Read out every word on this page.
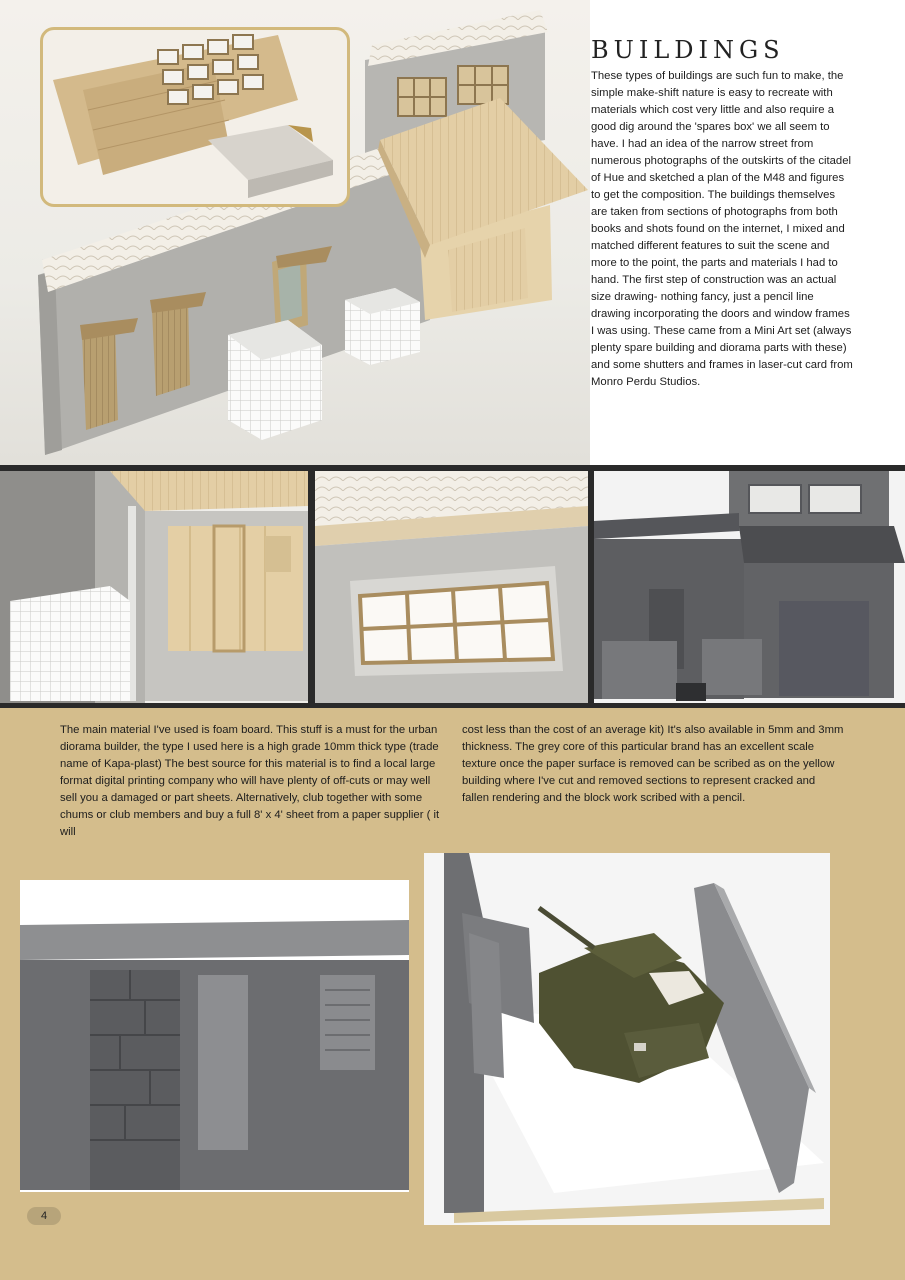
BUILDINGS

These types of buildings are such fun to make, the simple make-shift nature is easy to recreate with materials which cost very little and also require a good dig around the 'spares box' we all seem to have. I had an idea of the narrow street from numerous photographs of the outskirts of the citadel of Hue and sketched a plan of the M48 and figures to get the composition. The buildings themselves are taken from sections of photographs from both books and shots found on the internet, I mixed and matched different features to suit the scene and more to the point, the parts and materials I had to hand. The first step of construction was an actual size drawing- nothing fancy, just a pencil line drawing incorporating the doors and window frames I was using. These came from a Mini Art set (always plenty spare building and diorama parts with these) and some shutters and frames in laser-cut card from Monro Perdu Studios.

The main material I've used is foam board. This stuff is a must for the urban diorama builder, the type I used here is a high grade 10mm thick type (trade name of Kapa-plast) The best source for this material is to find a local large format digital printing company who will have plenty of off-cuts or may well sell you a damaged or part sheets. Alternatively, club together with some chums or club members and buy a full 8' x 4' sheet from a paper supplier ( it will

cost less than the cost of an average kit) It's also available in 5mm and 3mm thickness. The grey core of this particular brand has an excellent scale texture once the paper surface is removed can be scribed as on the yellow building where I've cut and removed sections to represent cracked and fallen rendering and the block work scribed with a pencil.

4
